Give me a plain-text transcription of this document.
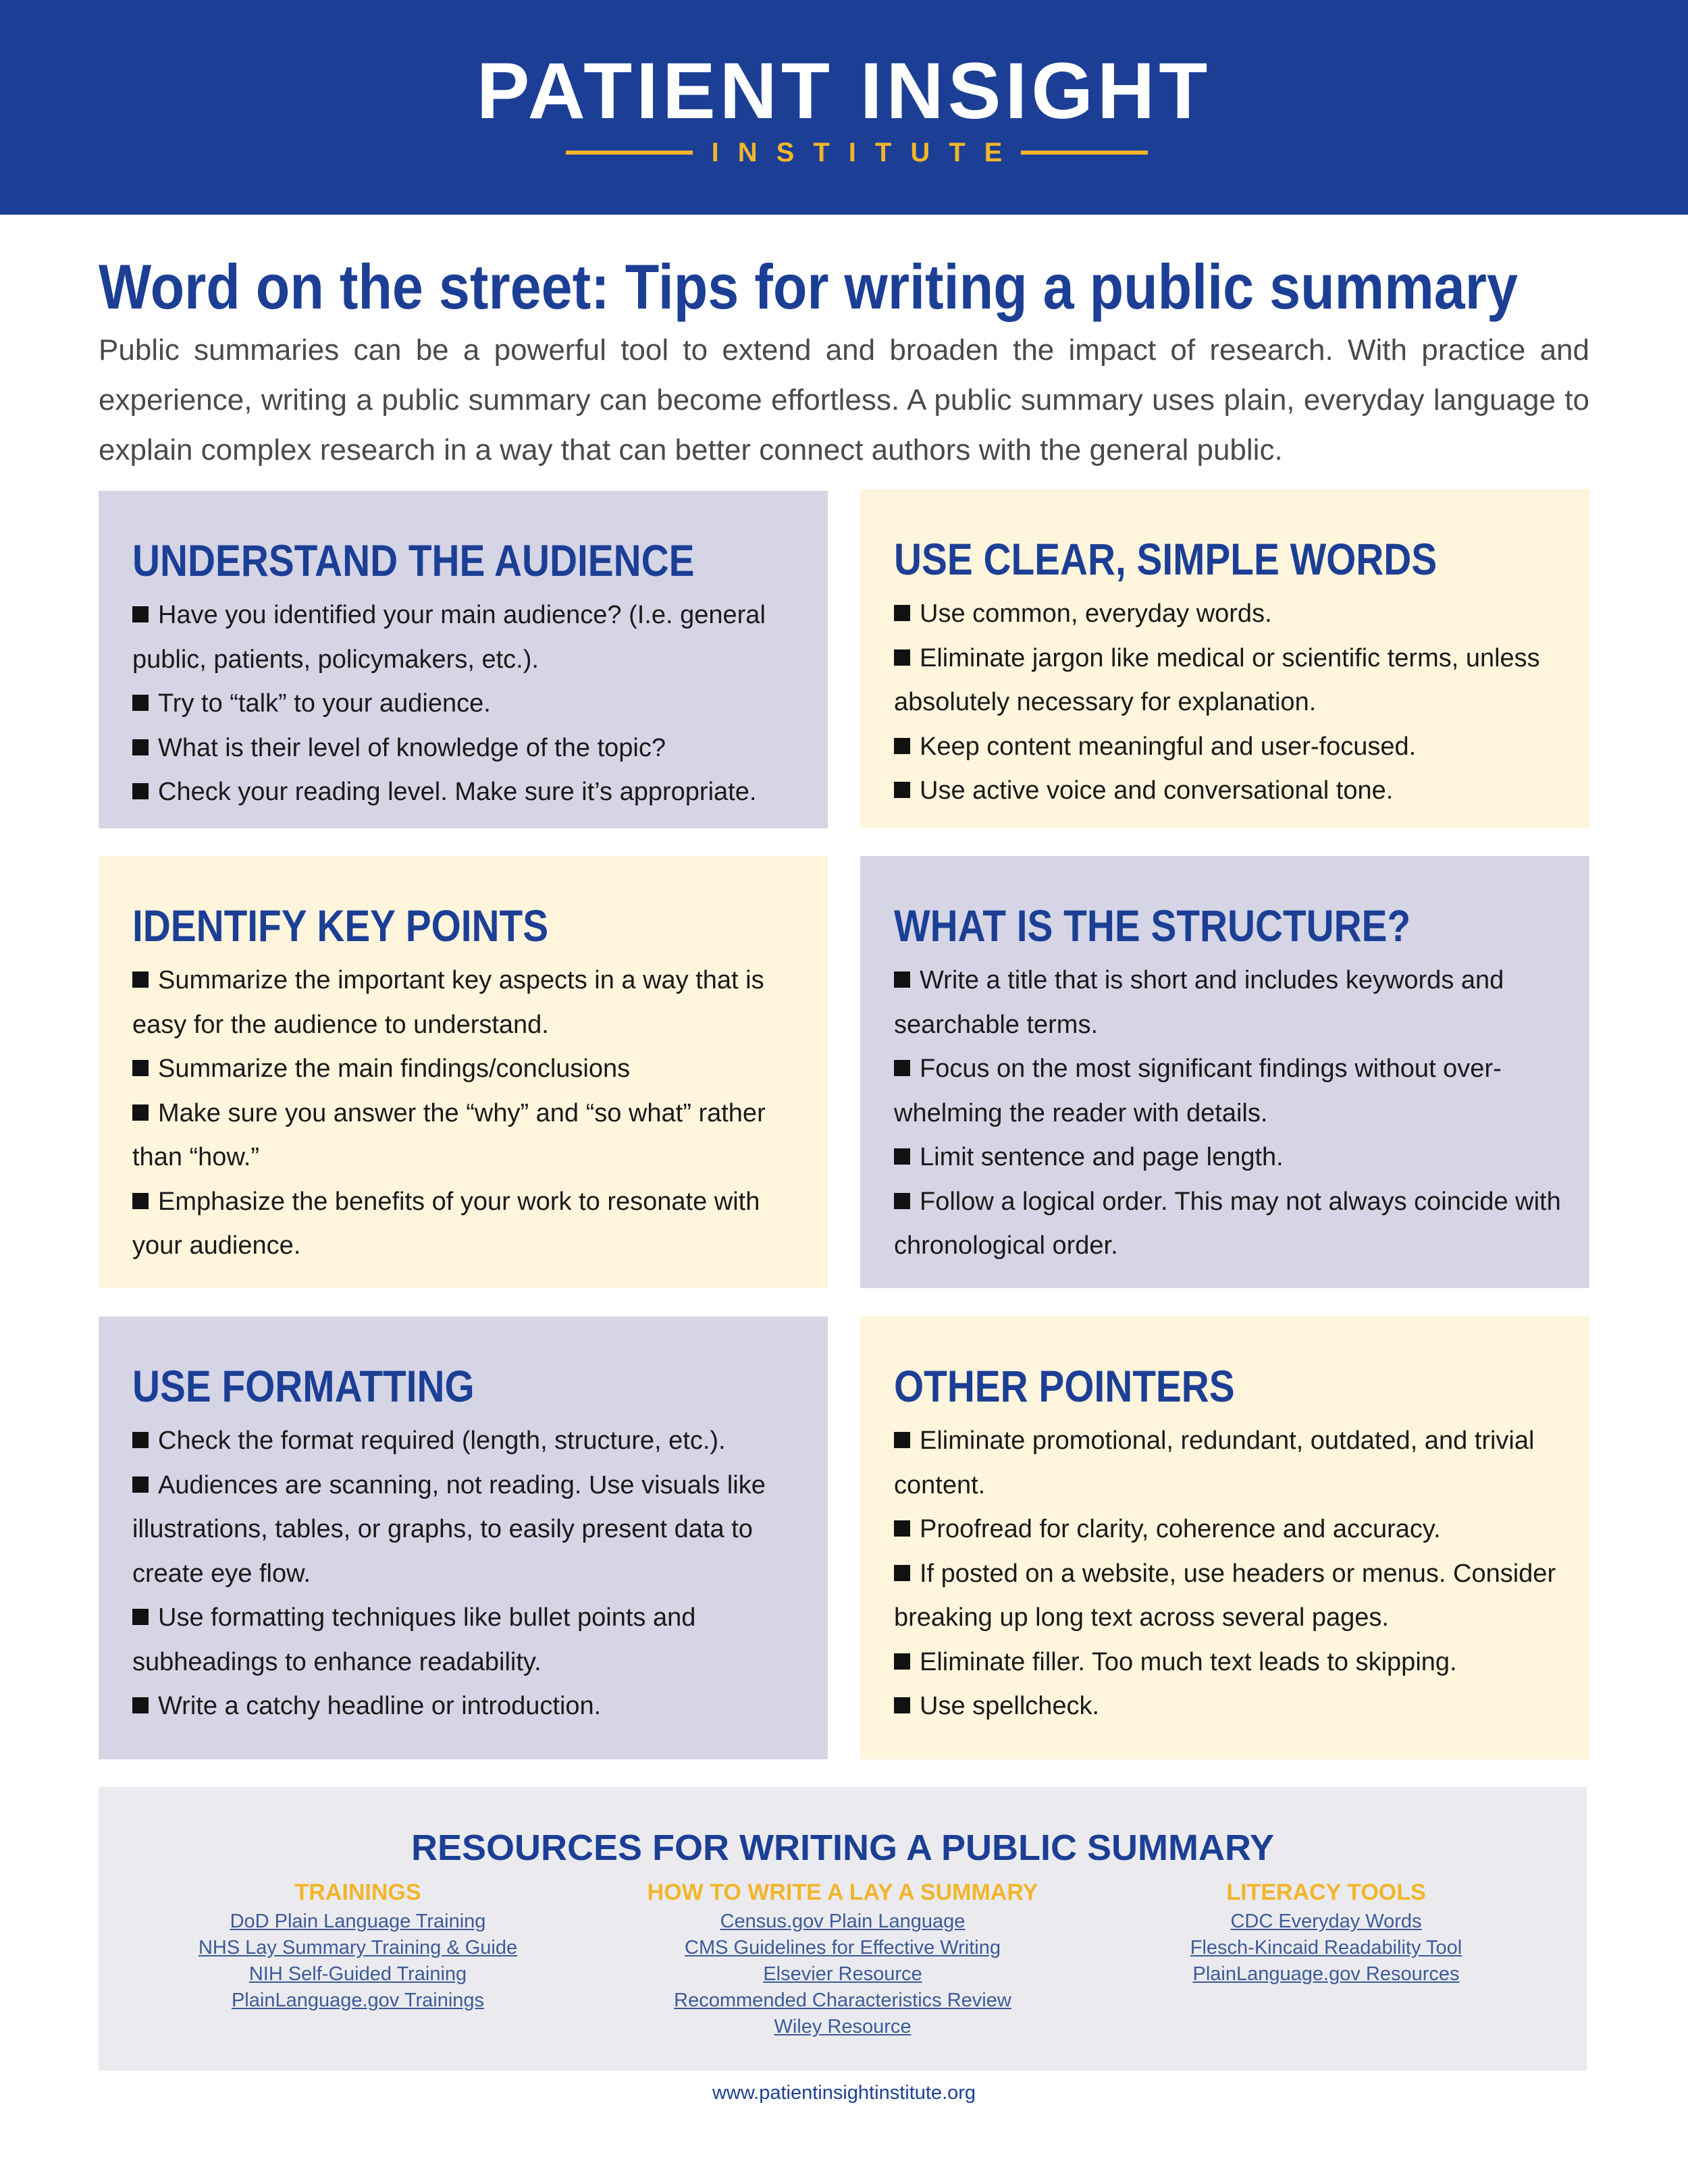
PATIENT INSIGHT
INSTITUTE
Word on the street: Tips for writing a public summary
Public summaries can be a powerful tool to extend and broaden the impact of research. With practice and experience, writing a public summary can become effortless. A public summary uses plain, everyday language to explain complex research in a way that can better connect authors with the general public.
UNDERSTAND THE AUDIENCE
Have you identified your main audience? (I.e. general public, patients, policymakers, etc.).
Try to “talk” to your audience.
What is their level of knowledge of the topic?
Check your reading level. Make sure it’s appropriate.
USE CLEAR, SIMPLE WORDS
Use common, everyday words.
Eliminate jargon like medical or scientific terms, unless absolutely necessary for explanation.
Keep content meaningful and user-focused.
Use active voice and conversational tone.
IDENTIFY KEY POINTS
Summarize the important key aspects in a way that is easy for the audience to understand.
Summarize the main findings/conclusions
Make sure you answer the “why” and “so what” rather than “how.”
Emphasize the benefits of your work to resonate with your audience.
WHAT IS THE STRUCTURE?
Write a title that is short and includes keywords and searchable terms.
Focus on the most significant findings without over-whelming the reader with details.
Limit sentence and page length.
Follow a logical order. This may not always coincide with chronological order.
USE FORMATTING
Check the format required (length, structure, etc.).
Audiences are scanning, not reading. Use visuals like illustrations, tables, or graphs, to easily present data to create eye flow.
Use formatting techniques like bullet points and subheadings to enhance readability.
Write a catchy headline or introduction.
OTHER POINTERS
Eliminate promotional, redundant, outdated, and trivial content.
Proofread for clarity, coherence and accuracy.
If posted on a website, use headers or menus. Consider breaking up long text across several pages.
Eliminate filler. Too much text leads to skipping.
Use spellcheck.
RESOURCES FOR WRITING A PUBLIC SUMMARY
TRAININGS
DoD Plain Language Training
NHS Lay Summary Training & Guide
NIH Self-Guided Training
PlainLanguage.gov Trainings
HOW TO WRITE A LAY A SUMMARY
Census.gov Plain Language
CMS Guidelines for Effective Writing
Elsevier Resource
Recommended Characteristics Review
Wiley Resource
LITERACY TOOLS
CDC Everyday Words
Flesch-Kincaid Readability Tool
PlainLanguage.gov Resources
www.patientinsightinstitute.org
